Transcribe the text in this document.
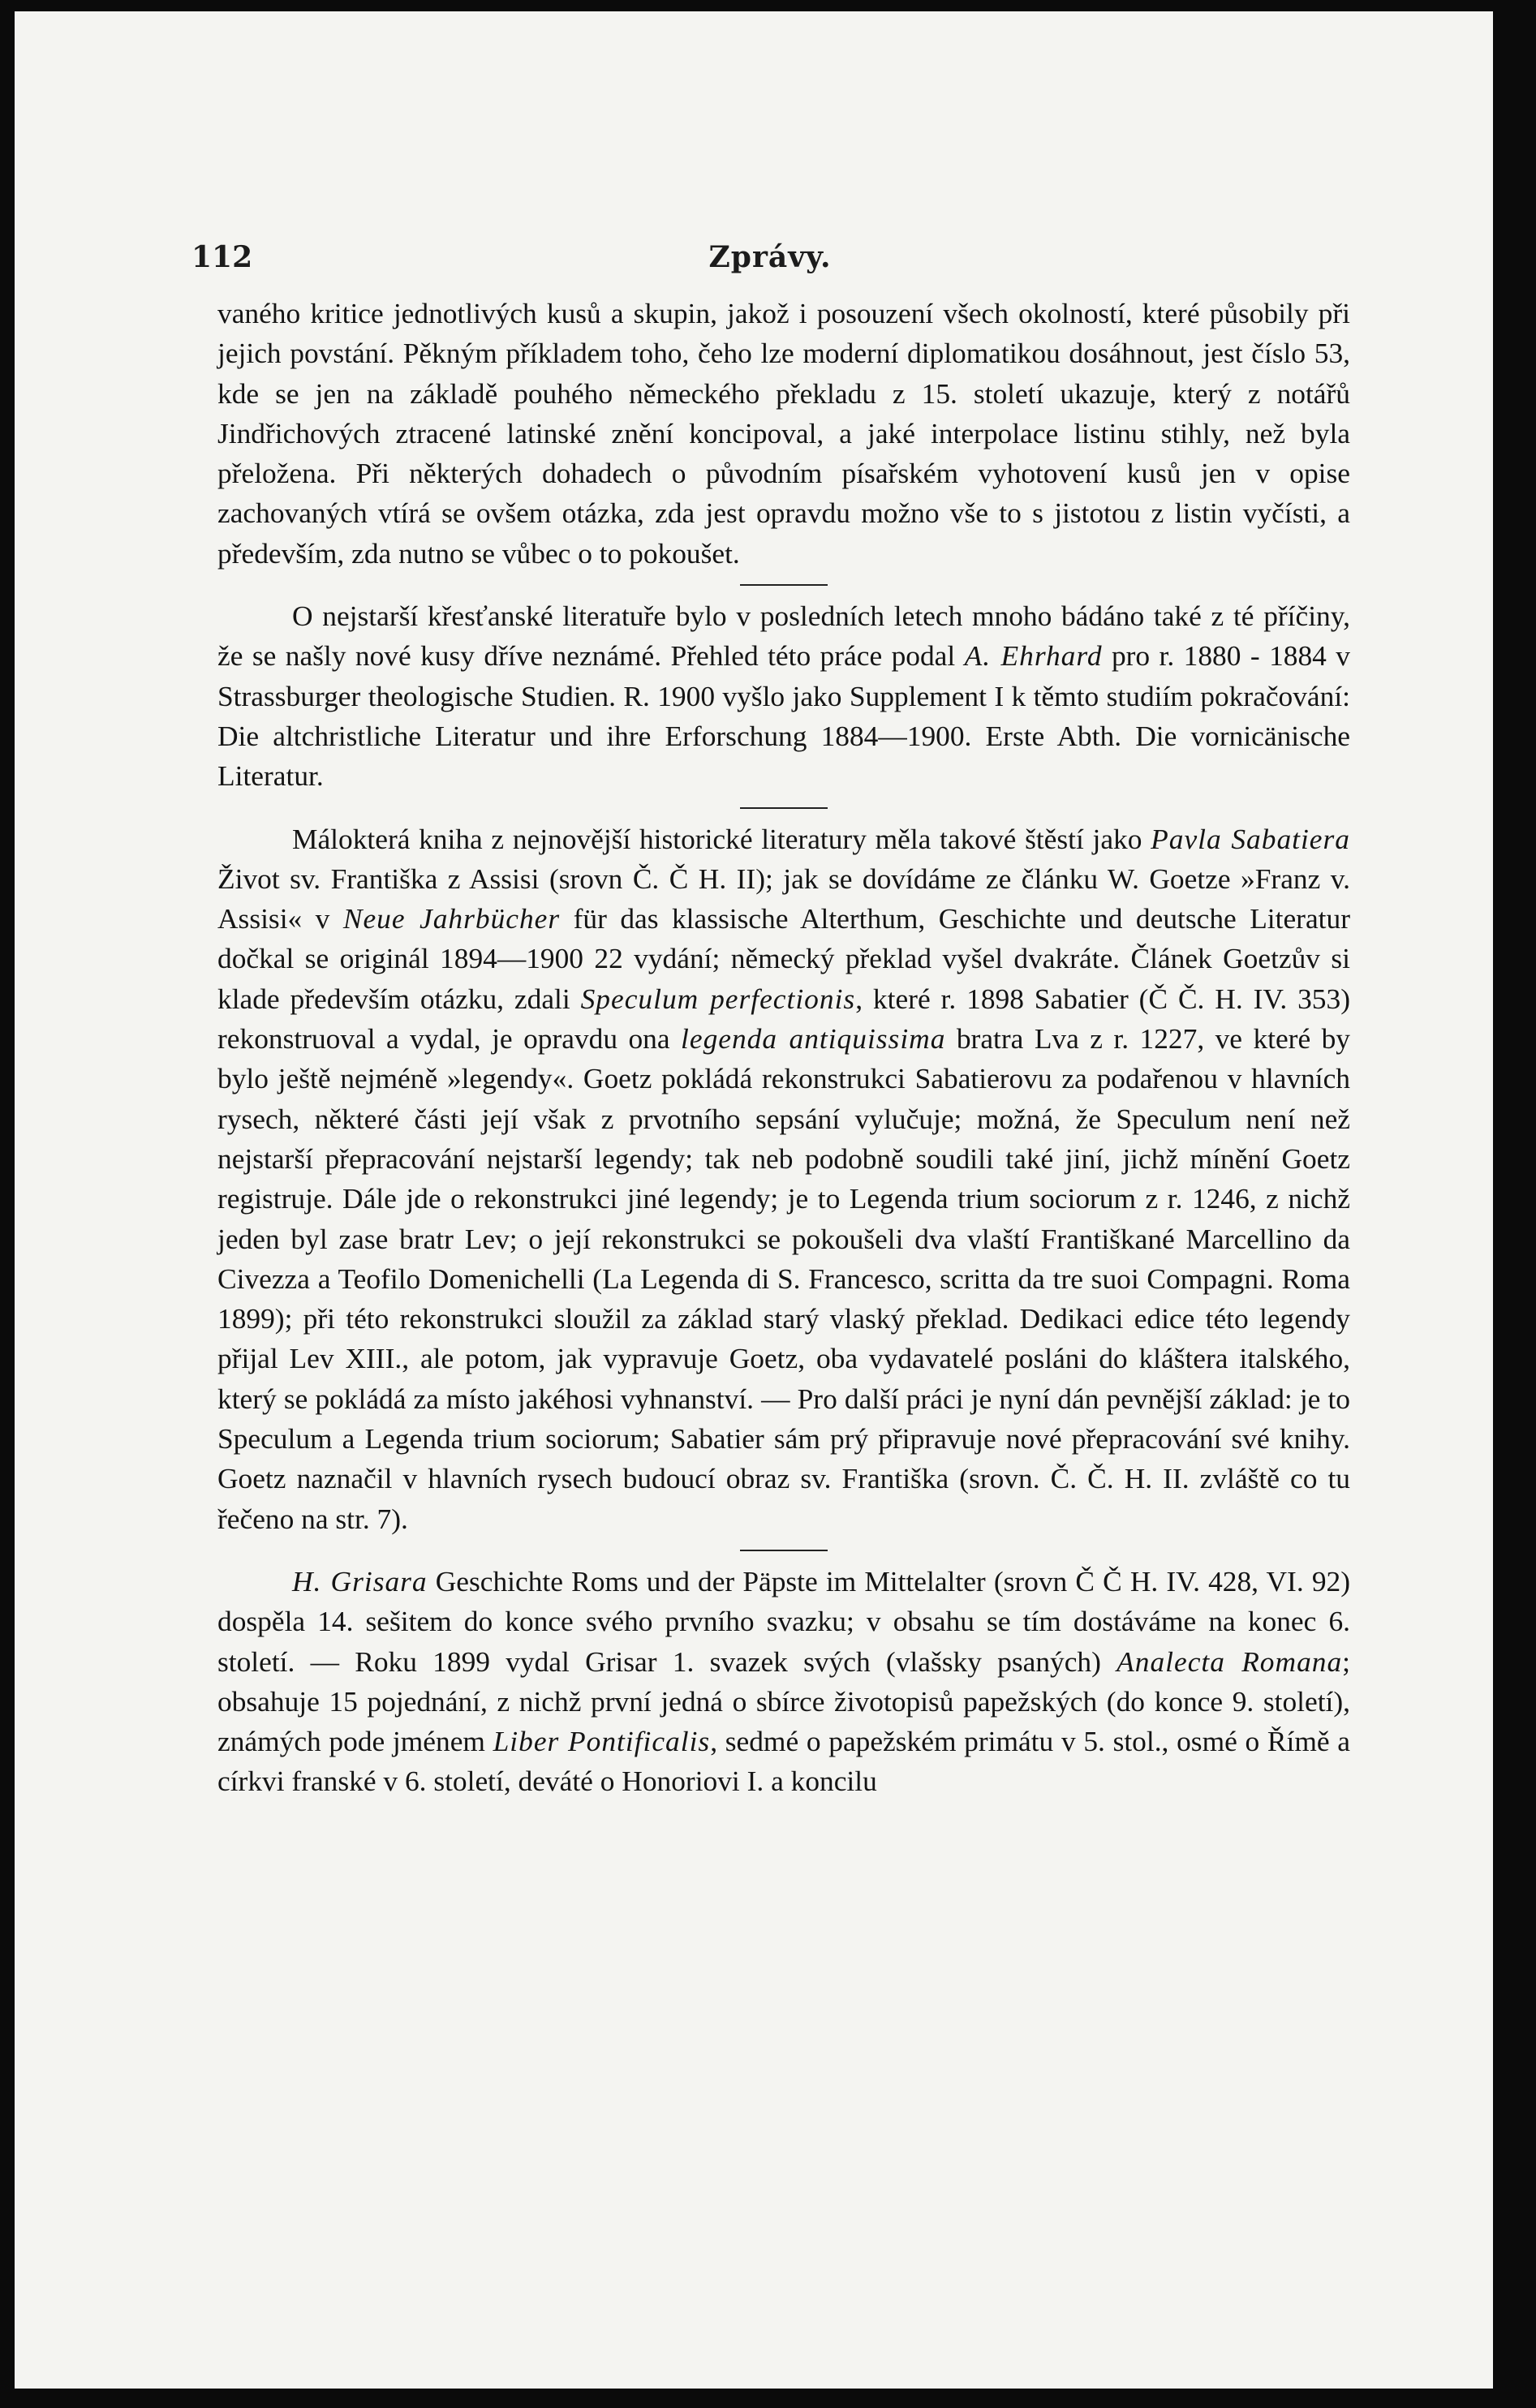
112	Zprávy.

vaného kritice jednotlivých kusů a skupin, jakož i posouzení všech okolností, které působily při jejich povstání. Pěkným příkladem toho, čeho lze moderní diplomatikou dosáhnout, jest číslo 53, kde se jen na základě pouhého německého překladu z 15. století ukazuje, který z notářů Jindřichových ztracené latinské znění koncipoval, a jaké interpolace listinu stihly, než byla přeložena. Při některých dohadech o původním písařském vyhotovení kusů jen v opise zachovaných vtírá se ovšem otázka, zda jest opravdu možno vše to s jistotou z listin vyčísti, a především, zda nutno se vůbec o to pokoušet.

O nejstarší křesťanské literatuře bylo v posledních letech mnoho bádáno také z té příčiny, že se našly nové kusy dříve neznámé. Přehled této práce podal A. Ehrhard pro r. 1880 - 1884 v Strassburger theologische Studien. R. 1900 vyšlo jako Supplement I k těmto studiím pokračování: Die altchristliche Literatur und ihre Erforschung 1884—1900. Erste Abth. Die vornicänische Literatur.

Málokterá kniha z nejnovější historické literatury měla takové štěstí jako Pavla Sabatiera Život sv. Františka z Assisi (srovn Č. Č H. II); jak se dovídáme ze článku W. Goetze »Franz v. Assisi« v Neue Jahrbücher für das klassische Alterthum, Geschichte und deutsche Literatur dočkal se originál 1894—1900 22 vydání; německý překlad vyšel dvakráte. Článek Goetzův si klade především otázku, zdali Speculum perfectionis, které r. 1898 Sabatier (Č Č. H. IV. 353) rekonstruoval a vydal, je opravdu ona legenda antiquissima bratra Lva z r. 1227, ve které by bylo ještě nejméně »legendy«. Goetz pokládá rekonstrukci Sabatierovu za podařenou v hlavních rysech, některé části její však z prvotního sepsání vylučuje; možná, že Speculum není než nejstarší přepracování nejstarší legendy; tak neb podobně soudili také jiní, jichž mínění Goetz registruje. Dále jde o rekonstrukci jiné legendy; je to Legenda trium sociorum z r. 1246, z nichž jeden byl zase bratr Lev; o její rekonstrukci se pokoušeli dva vlaští Františkané Marcellino da Civezza a Teofilo Domenichelli (La Legenda di S. Francesco, scritta da tre suoi Compagni. Roma 1899); při této rekonstrukci sloužil za základ starý vlaský překlad. Dedikaci edice této legendy přijal Lev XIII., ale potom, jak vypravuje Goetz, oba vydavatelé posláni do kláštera italského, který se pokládá za místo jakéhosi vyhnanství. — Pro další práci je nyní dán pevnější základ: je to Speculum a Legenda trium sociorum; Sabatier sám prý připravuje nové přepracování své knihy. Goetz naznačil v hlavních rysech budoucí obraz sv. Františka (srovn. Č. Č. H. II. zvláště co tu řečeno na str. 7).

H. Grisara Geschichte Roms und der Päpste im Mittelalter (srovn Č Č H. IV. 428, VI. 92) dospěla 14. sešitem do konce svého prvního svazku; v obsahu se tím dostáváme na konec 6. století. — Roku 1899 vydal Grisar 1. svazek svých (vlašsky psaných) Analecta Romana; obsahuje 15 pojednání, z nichž první jedná o sbírce životopisů papežských (do konce 9. století), známých pode jménem Liber Pontificalis, sedmé o papežském primátu v 5. stol., osmé o Římě a církvi franské v 6. století, deváté o Honoriovi I. a koncilu
